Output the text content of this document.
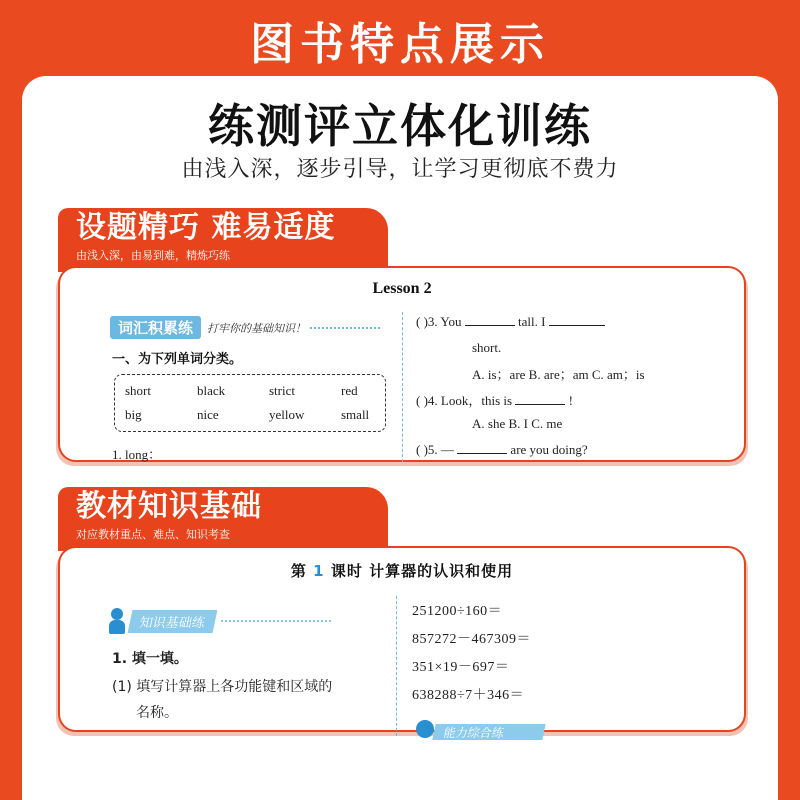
图书特点展示
练测评立体化训练
由浅入深，逐步引导，让学习更彻底不费力
设题精巧 难易适度
由浅入深，由易到难，精炼巧练
Lesson 2
词汇积累练	打牢你的基础知识！
一、为下列单词分类。
short	black	strict	red
big	nice	yellow	small
1. long：
( )3. You	tall. I
short.
A. is；are B. are；am C. am；is
( )4. Look，this is	!
A. she B. I C. me
( )5. —	are you doing?
教材知识基础
对应教材重点、难点、知识考查
第 1 课时 计算器的认识和使用
知识基础练
1. 填一填。
(1) 填写计算器上各功能键和区域的
名称。
251200÷160＝
857272－467309＝
351×19－697＝
638288÷7＋346＝
能力综合练
